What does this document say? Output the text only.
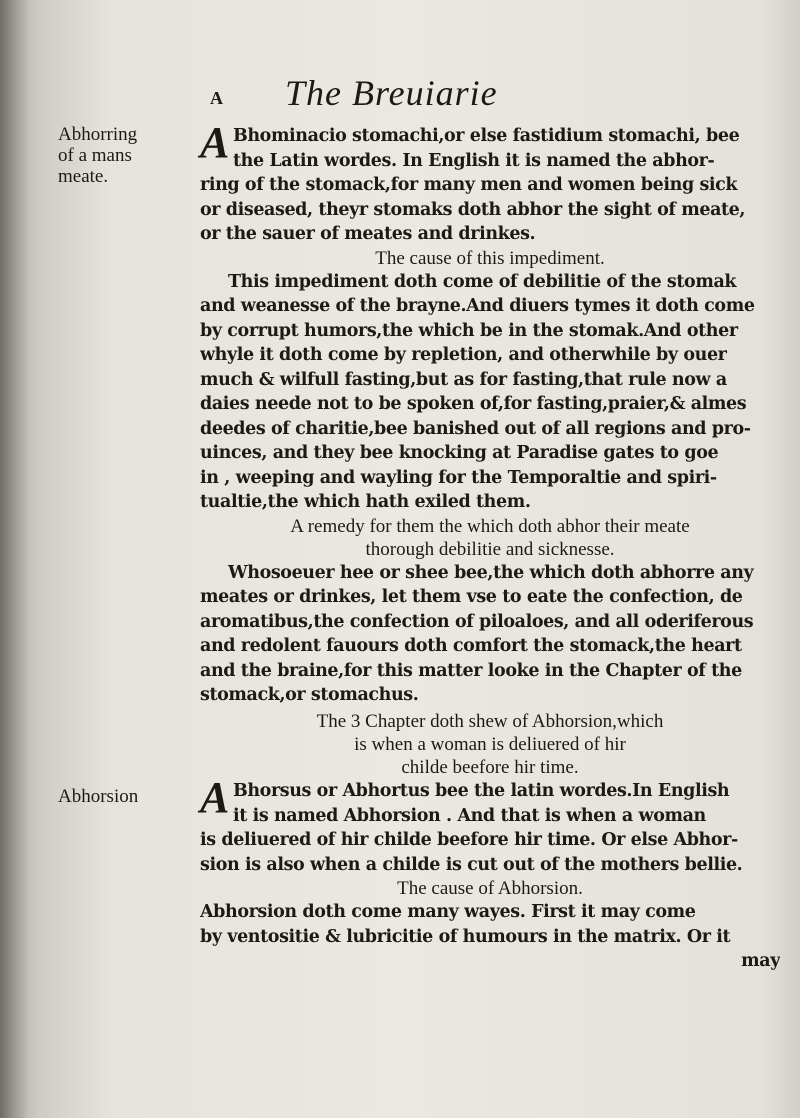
A The Breuiarie
Abhorring
of a mans
meate.
Abhorsion
A Bhominacio stomachi,or else fastidium stomachi, bee
the Latin wordes. In English it is named the abhor-
ring of the stomack,for many men and women being sick
or diseased, theyr stomaks doth abhor the sight of meate,
or the sauer of meates and drinkes.
The cause of this impediment.
This impediment doth come of debilitie of the stomak
and weanesse of the brayne.And diuers tymes it doth come
by corrupt humors,the which be in the stomak.And other
whyle it doth come by repletion, and otherwhile by ouer
much & wilfull fasting,but as for fasting,that rule now a
daies neede not to be spoken of,for fasting,praier,& almes
deedes of charitie,bee banished out of all regions and pro-
uinces, and they bee knocking at Paradise gates to goe
in , weeping and wayling for the Temporaltie and spiri-
tualtie,the which hath exiled them.
A remedy for them the which doth abhor their meate
thorough debilitie and sicknesse.
Whosoeuer hee or shee bee,the which doth abhorre any
meates or drinkes, let them vse to eate the confection, de
aromatibus,the confection of piloaloes, and all oderiferous
and redolent fauours doth comfort the stomack,the heart
and the braine,for this matter looke in the Chapter of the
stomack,or stomachus.
The 3 Chapter doth shew of Abhorsion,which
is when a woman is deliuered of hir
childe beefore hir time.
A Bhorsus or Abhortus bee the latin wordes.In English
it is named Abhorsion . And that is when a woman
is deliuered of hir childe beefore hir time. Or else Abhor-
sion is also when a childe is cut out of the mothers bellie.
The cause of Abhorsion.
Abhorsion doth come many wayes. First it may come
by ventositie & lubricitie of humours in the matrix. Or it
may
